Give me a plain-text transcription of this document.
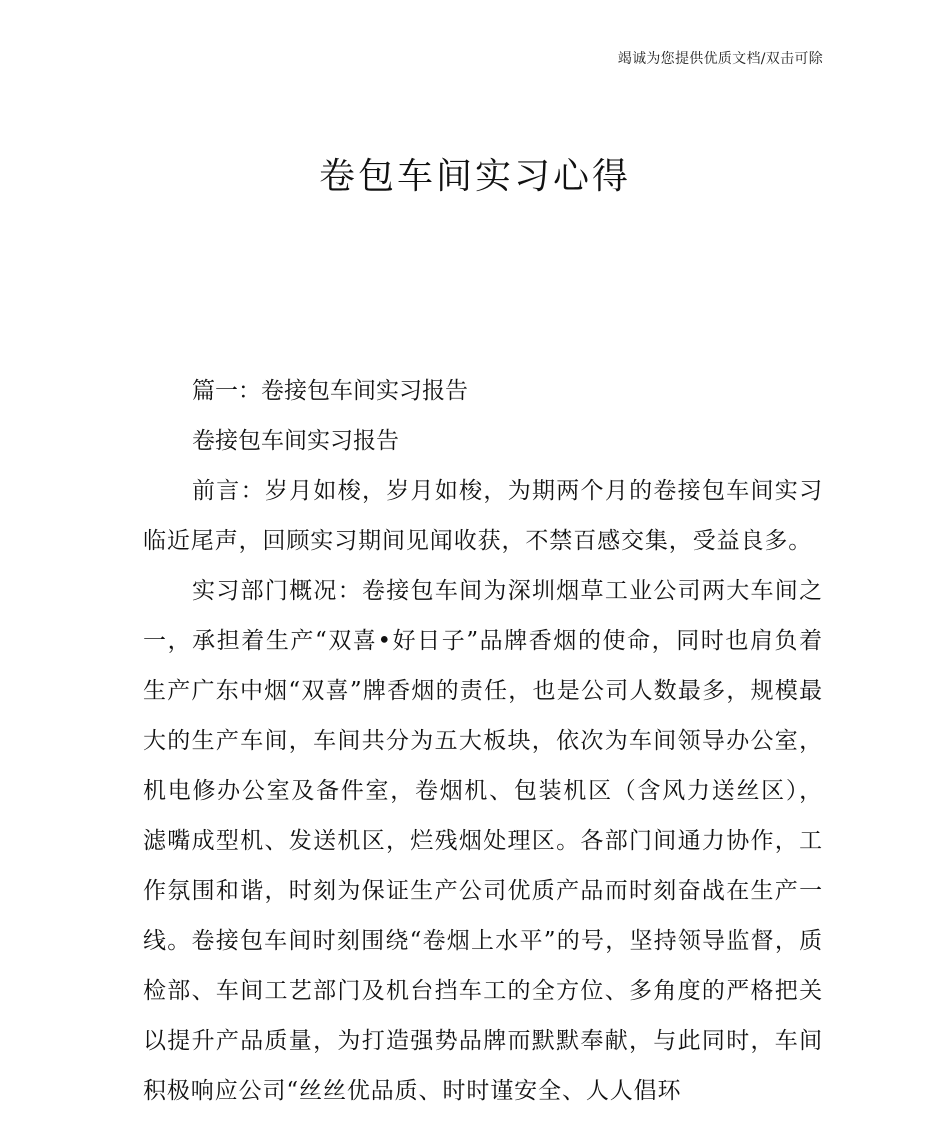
竭诚为您提供优质文档/双击可除
卷包车间实习心得

篇一：卷接包车间实习报告

卷接包车间实习报告

前言：岁月如梭，岁月如梭，为期两个月的卷接包车间实习临近尾声，回顾实习期间见闻收获，不禁百感交集，受益良多。

实习部门概况：卷接包车间为深圳烟草工业公司两大车间之一，承担着生产“双喜•好日子”品牌香烟的使命，同时也肩负着生产广东中烟“双喜”牌香烟的责任，也是公司人数最多，规模最大的生产车间，车间共分为五大板块，依次为车间领导办公室，机电修办公室及备件室，卷烟机、包装机区（含风力送丝区），滤嘴成型机、发送机区，烂残烟处理区。各部门间通力协作，工作氛围和谐，时刻为保证生产公司优质产品而时刻奋战在生产一线。卷接包车间时刻围绕“卷烟上水平”的号，坚持领导监督，质检部、车间工艺部门及机台挡车工的全方位、多角度的严格把关以提升产品质量，为打造强势品牌而默默奉献，与此同时，车间积极响应公司“丝丝优品质、时时谨安全、人人倡环
